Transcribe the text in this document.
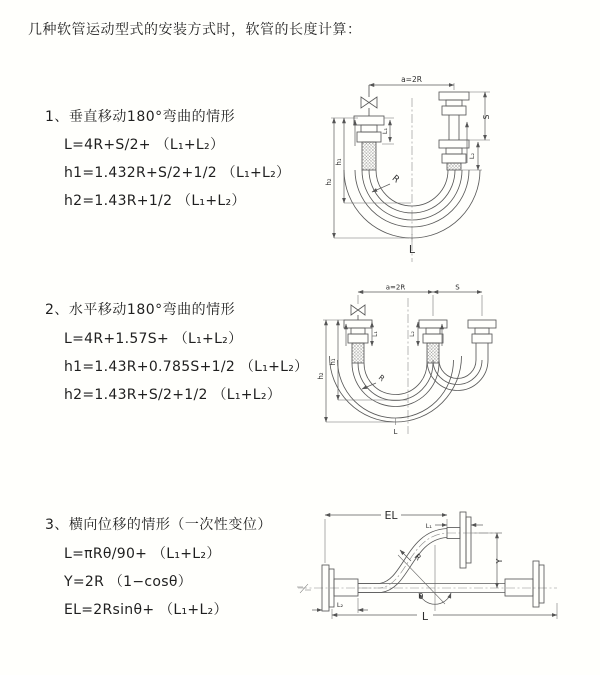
几种软管运动型式的安装方式时，软管的长度计算：
1、垂直移动180°弯曲的情形
L=4R+S/2+ （L₁+L₂）
h1=1.432R+S/2+1/2 （L₁+L₂）
h2=1.43R+1/2 （L₁+L₂）
a=2R
R
L
h₁
h₂
L₁
S
L₂
2、水平移动180°弯曲的情形
L=4R+1.57S+ （L₁+L₂）
h1=1.43R+0.785S+1/2 （L₁+L₂）
h2=1.43R+S/2+1/2 （L₁+L₂）
a=2R	S
R
L
h₁
h₂
L₁	L₂
3、横向位移的情形（一次性变位）
L=πRθ/90+ （L₁+L₂）
Y=2R （1−cosθ）
EL=2Rsinθ+ （L₁+L₂）
θ
R
EL
L₁
Y
L
L₂
